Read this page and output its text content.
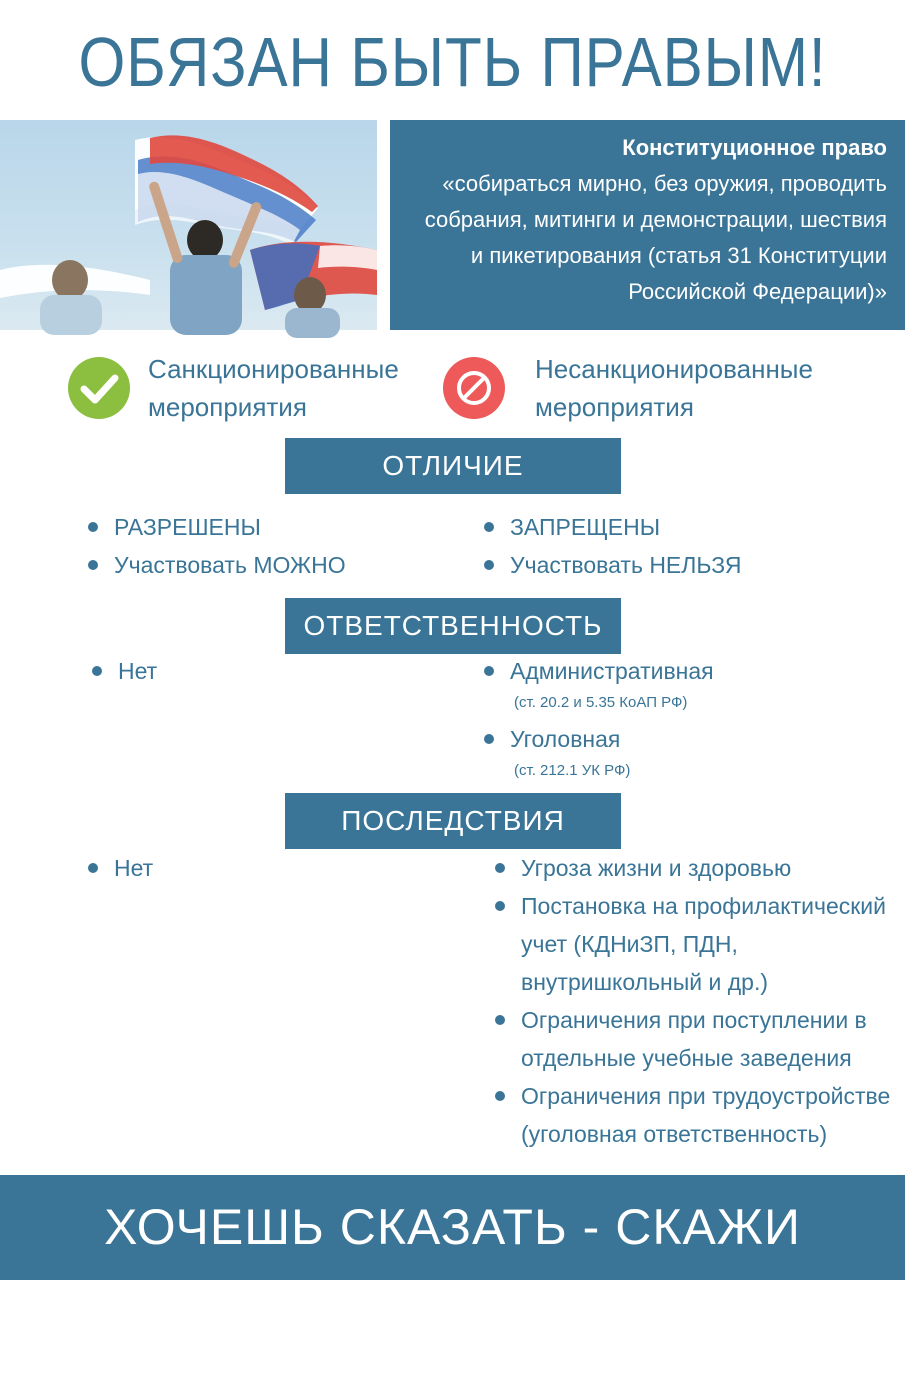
ОБЯЗАН БЫТЬ ПРАВЫМ!
Конституционное право
«собираться мирно, без оружия, проводить
собрания, митинги и демонстрации, шествия
и пикетирования (статья 31 Конституции
Российской Федерации)»
Санкционированные
мероприятия
Несанкционированные
мероприятия
ОТЛИЧИЕ
РАЗРЕШЕНЫ
Участвовать МОЖНО
ЗАПРЕЩЕНЫ
Участвовать НЕЛЬЗЯ
ОТВЕТСТВЕННОСТЬ
Нет	Административная
(ст. 20.2 и 5.35 КоАП РФ)
Уголовная
(ст. 212.1 УК РФ)
ПОСЛЕДСТВИЯ
Нет	Угроза жизни и здоровью
Постановка на профилактический
учет (КДНиЗП, ПДН,
внутришкольный и др.)
Ограничения при поступлении в
отдельные учебные заведения
Ограничения при трудоустройстве
(уголовная ответственность)
ХОЧЕШЬ СКАЗАТЬ - СКАЖИ ПРАВИЛЬНО!
